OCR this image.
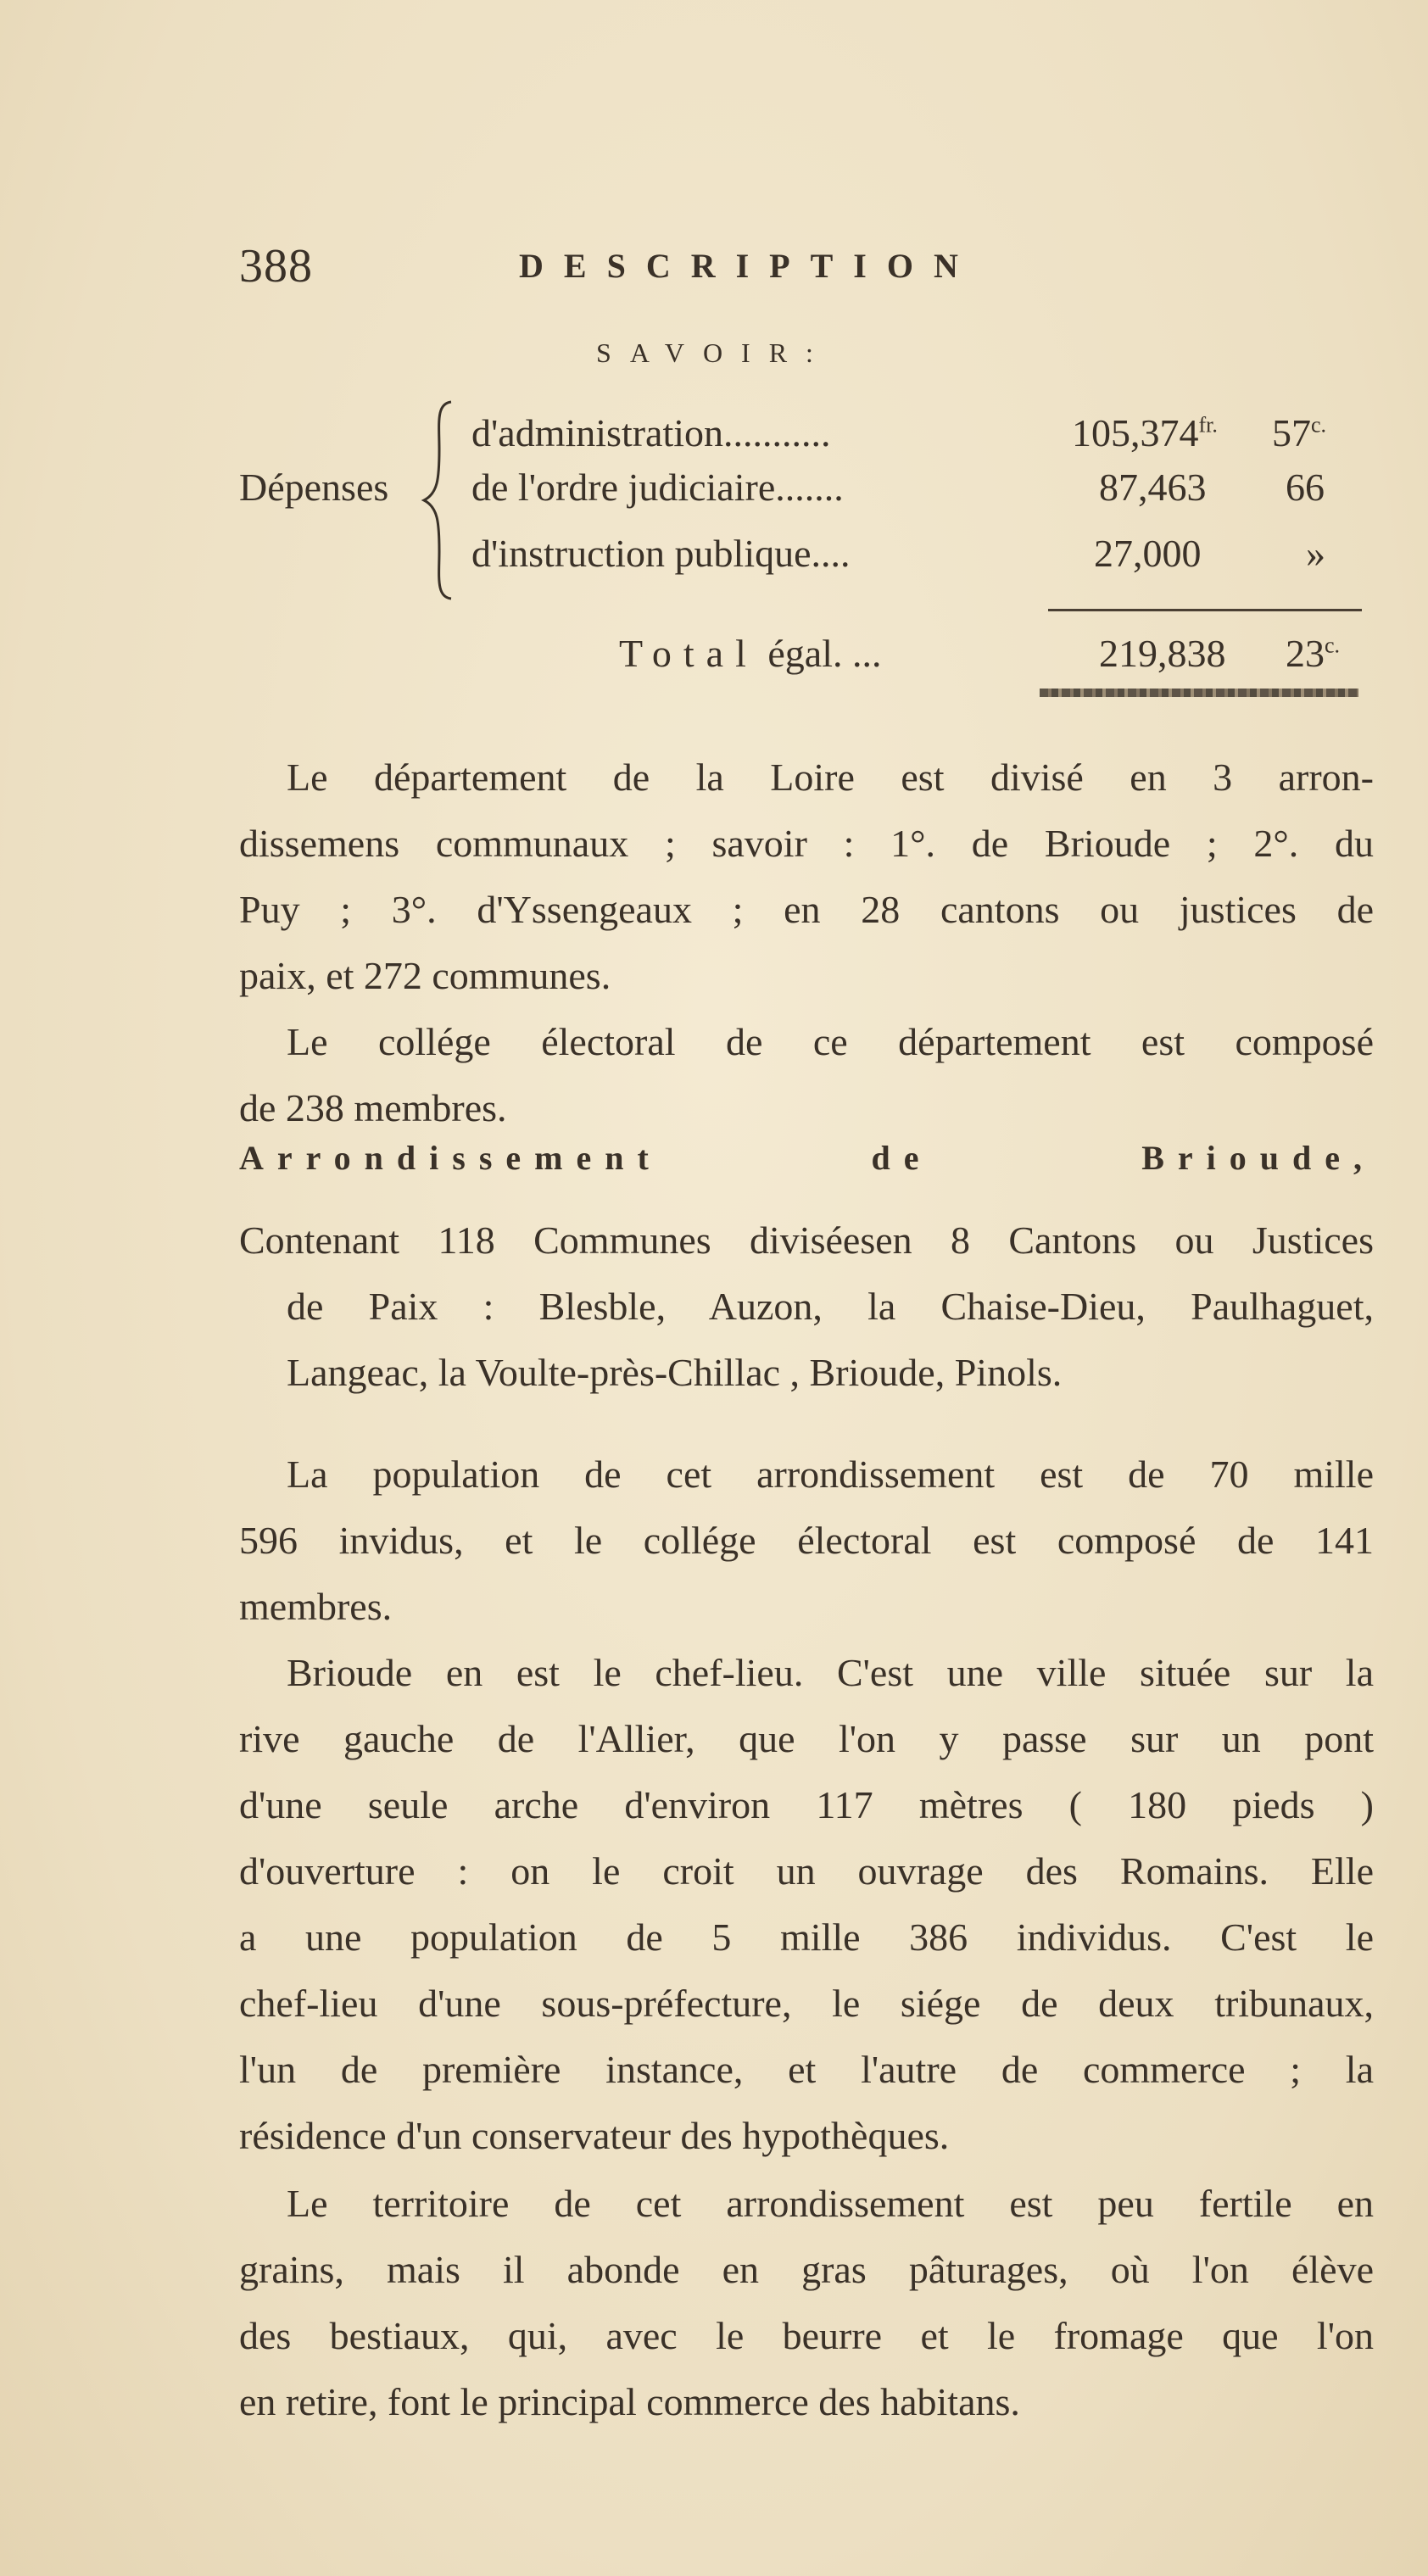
388	DESCRIPTION
SAVOIR:
Dépenses
d'administration...........
de l'ordre judiciaire.......
d'instruction publique....
$105,374^{fr.}$
87,463
27,000
$57^{c.}$
66
»
Total égal. ...	219,838 $23^{c.}$
Le département de la Loire est divisé en 3 arron-
dissemens communaux ; savoir : 1°. de Brioude ; 2°. du
Puy ; 3°. d'Yssengeaux ; en 28 cantons ou justices de
paix, et 272 communes.
Le collége électoral de ce département est composé
de 238 membres.
Arrondissement de Brioude,
Contenant 118 Communes diviséesen 8 Cantons ou Justices
de Paix : Blesble, Auzon, la Chaise-Dieu, Paulhaguet,
Langeac, la Voulte-près-Chillac , Brioude, Pinols.
La population de cet arrondissement est de 70 mille
596 invidus, et le collége électoral est composé de 141
membres.
Brioude en est le chef-lieu. C'est une ville située sur la
rive gauche de l'Allier, que l'on y passe sur un pont
d'une seule arche d'environ 117 mètres ( 180 pieds )
d'ouverture : on le croit un ouvrage des Romains. Elle
a une population de 5 mille 386 individus. C'est le
chef-lieu d'une sous-préfecture, le siége de deux tribunaux,
l'un de première instance, et l'autre de commerce ; la
résidence d'un conservateur des hypothèques.
Le territoire de cet arrondissement est peu fertile en
grains, mais il abonde en gras pâturages, où l'on élève
des bestiaux, qui, avec le beurre et le fromage que l'on
en retire, font le principal commerce des habitans.
